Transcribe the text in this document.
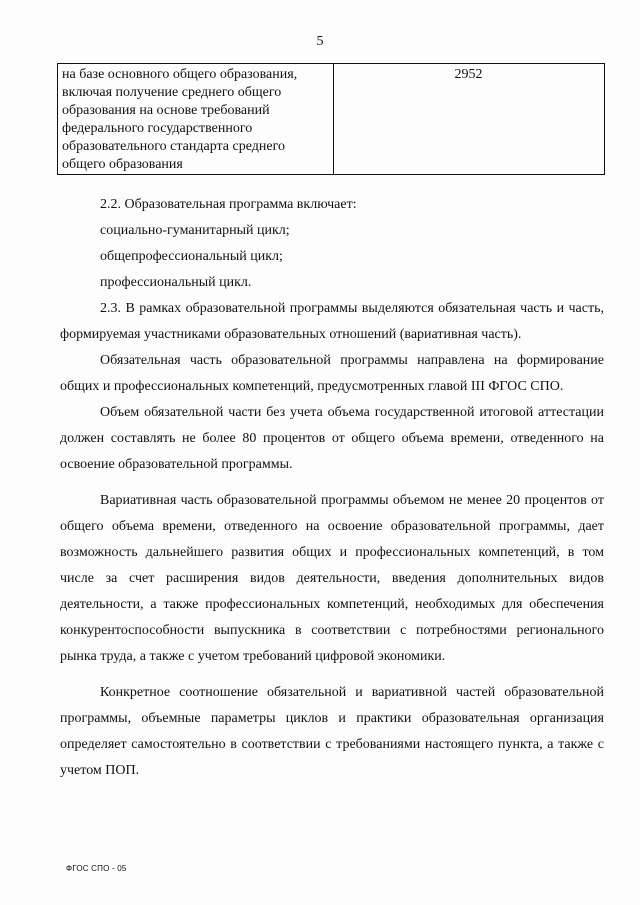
5
на базе основного общего образования, включая получение среднего общего образования на основе требований федерального государственного образовательного стандарта среднего общего образования	2952

2.2. Образовательная программа включает:

социально-гуманитарный цикл;

общепрофессиональный цикл;

профессиональный цикл.

2.3. В рамках образовательной программы выделяются обязательная часть и часть, формируемая участниками образовательных отношений (вариативная часть).

Обязательная часть образовательной программы направлена на формирование общих и профессиональных компетенций, предусмотренных главой III ФГОС СПО.

Объем обязательной части без учета объема государственной итоговой аттестации должен составлять не более 80 процентов от общего объема времени, отведенного на освоение образовательной программы.

Вариативная часть образовательной программы объемом не менее 20 процентов от общего объема времени, отведенного на освоение образовательной программы, дает возможность дальнейшего развития общих и профессиональных компетенций, в том числе за счет расширения видов деятельности, введения дополнительных видов деятельности, а также профессиональных компетенций, необходимых для обеспечения конкурентоспособности выпускника в соответствии с потребностями регионального рынка труда, а также с учетом требований цифровой экономики.

Конкретное соотношение обязательной и вариативной частей образовательной программы, объемные параметры циклов и практики образовательная организация определяет самостоятельно в соответствии с требованиями настоящего пункта, а также с учетом ПОП.

ФГОС СПО - 05
